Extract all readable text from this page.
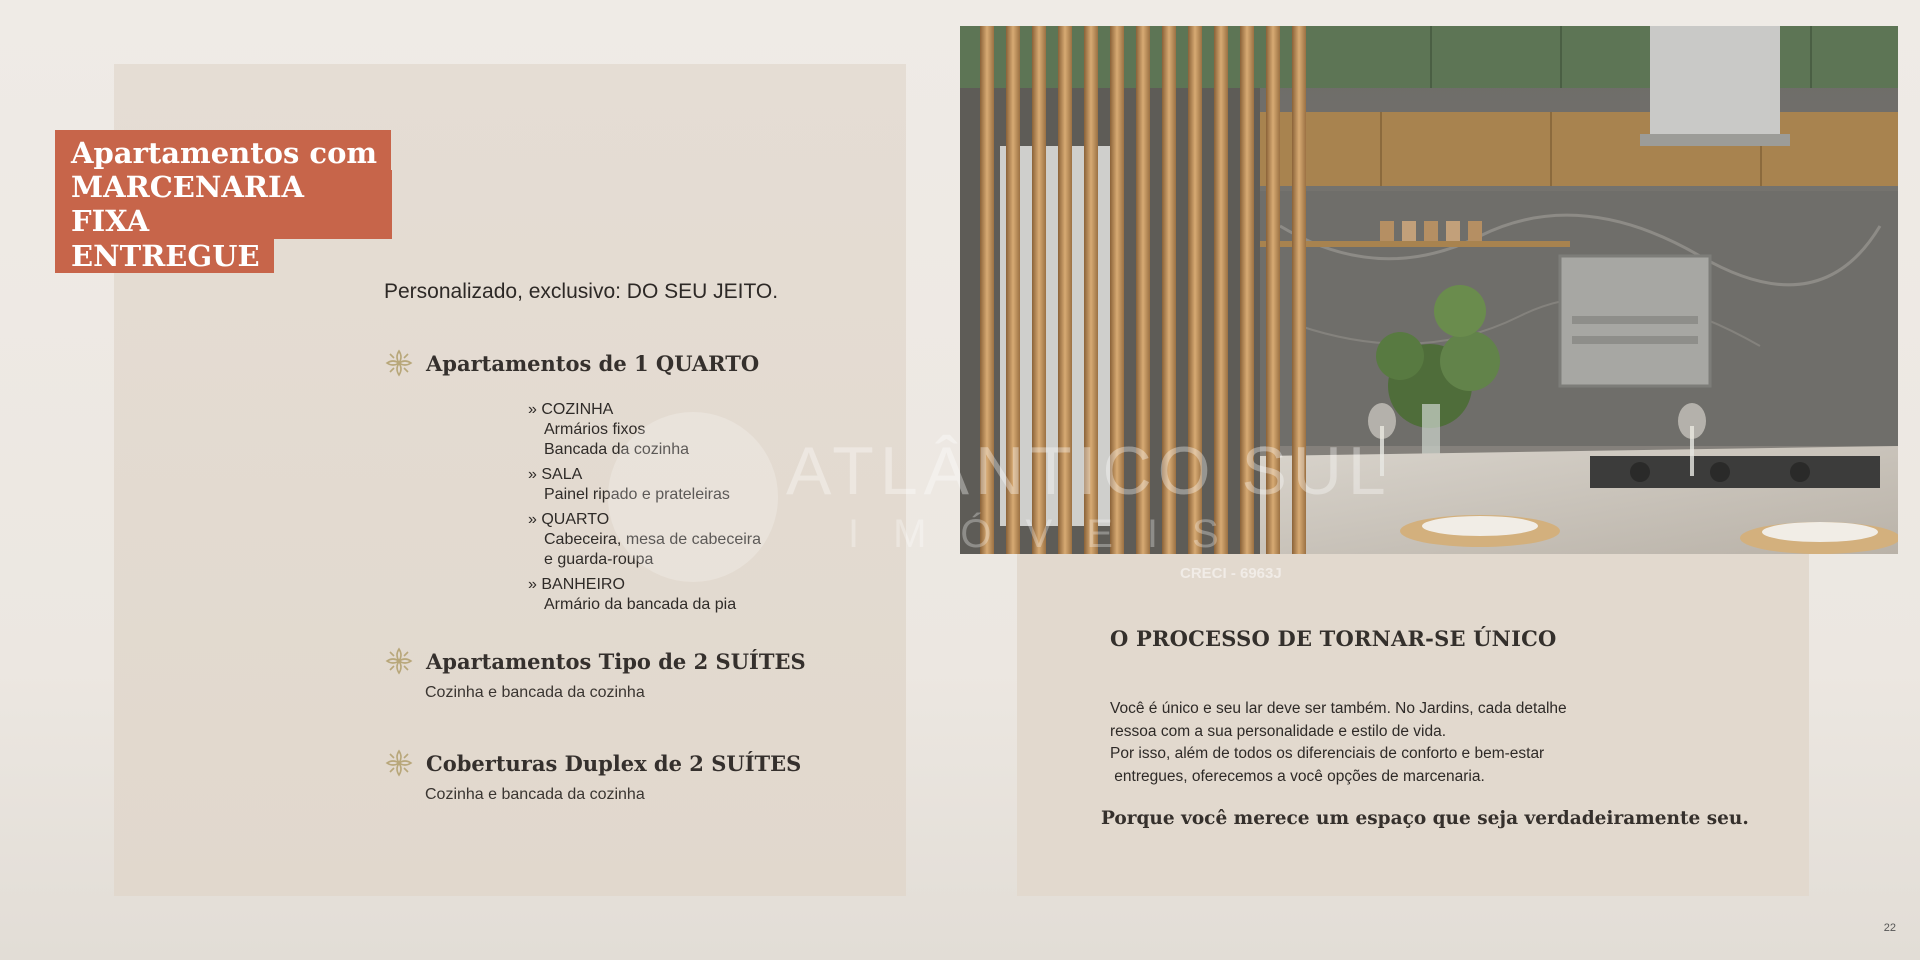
Apartamentos com
MARCENARIA FIXA
ENTREGUE
Personalizado, exclusivo: DO SEU JEITO.
Apartamentos de 1 QUARTO
» COZINHA
Armários fixos
Bancada da cozinha
» SALA
Painel ripado e prateleiras
» QUARTO
Cabeceira, mesa de cabeceira
e guarda-roupa
» BANHEIRO
Armário da bancada da pia
Apartamentos Tipo de 2 SUÍTES
Cozinha e bancada da cozinha
Coberturas Duplex de 2 SUÍTES
Cozinha e bancada da cozinha
ATLÂNTICO SUL
IMÓVEIS
CRECI - 6963J
O PROCESSO DE TORNAR-SE ÚNICO
Você é único e seu lar deve ser também. No Jardins, cada detalhe
ressoa com a sua personalidade e estilo de vida.
Por isso, além de todos os diferenciais de conforto e bem-estar
entregues, oferecemos a você opções de marcenaria.
Porque você merece um espaço que seja verdadeiramente seu.
22
